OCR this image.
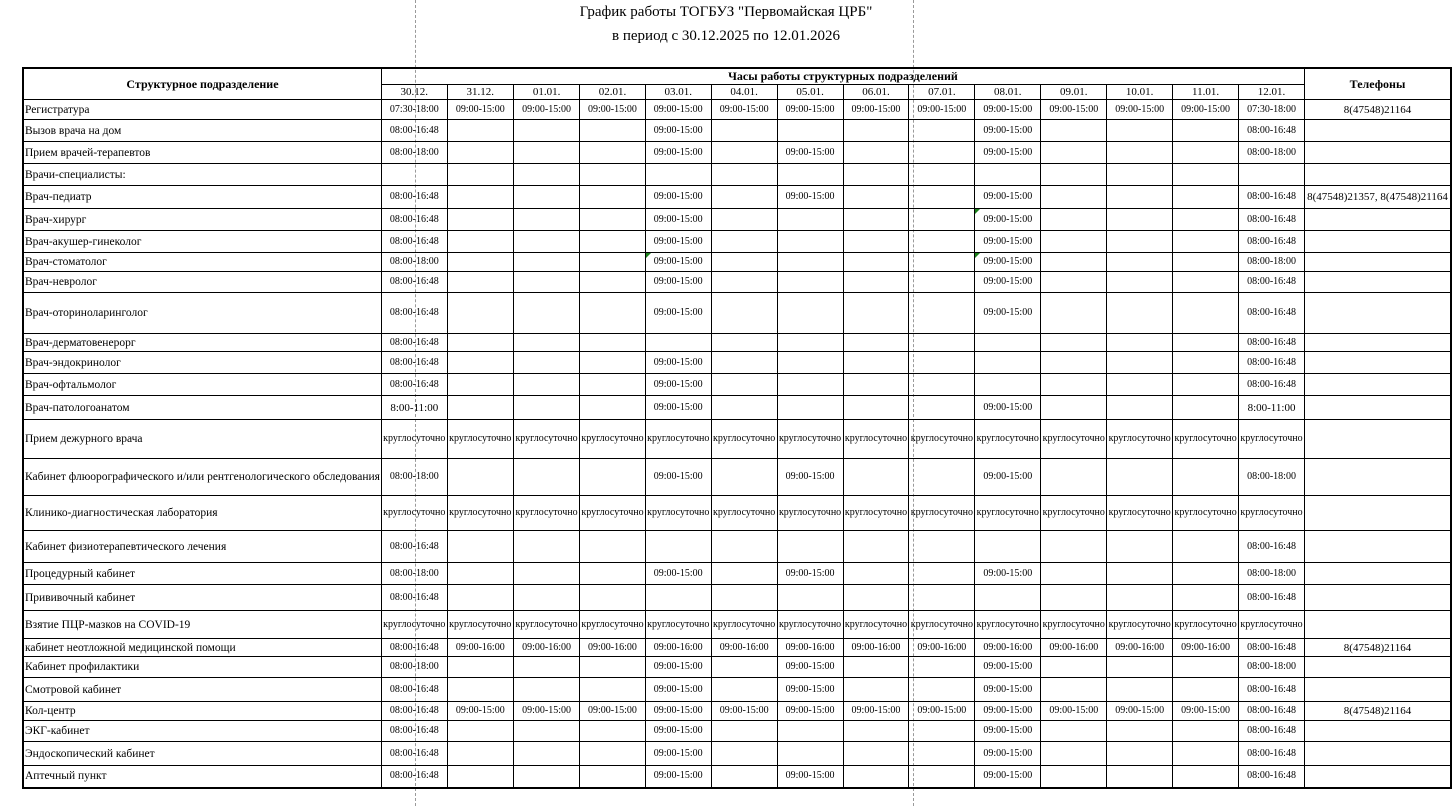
График работы ТОГБУЗ "Первомайская ЦРБ"
в период с 30.12.2025 по 12.01.2026
Структурное подразделение	Часы работы структурных подразделений														Телефоны
	30.12.	31.12.	01.01.	02.01.	03.01.	04.01.	05.01.	06.01.	07.01.	08.01.	09.01.	10.01.	11.01.	12.01.	
Регистратура	07:30-18:00	09:00-15:00	09:00-15:00	09:00-15:00	09:00-15:00	09:00-15:00	09:00-15:00	09:00-15:00	09:00-15:00	09:00-15:00	09:00-15:00	09:00-15:00	09:00-15:00	07:30-18:00	8(47548)21164
Вызов врача на дом	08:00-16:48				09:00-15:00					09:00-15:00				08:00-16:48	
Прием врачей-терапевтов	08:00-18:00				09:00-15:00		09:00-15:00			09:00-15:00				08:00-18:00	
Врачи-специалисты:															
Врач-педиатр	08:00-16:48				09:00-15:00		09:00-15:00			09:00-15:00				08:00-16:48	8(47548)21357, 8(47548)21164
Врач-хирург	08:00-16:48				09:00-15:00					09:00-15:00				08:00-16:48	
Врач-акушер-гинеколог	08:00-16:48				09:00-15:00					09:00-15:00				08:00-16:48	
Врач-стоматолог	08:00-18:00				09:00-15:00					09:00-15:00				08:00-18:00	
Врач-невролог	08:00-16:48				09:00-15:00					09:00-15:00				08:00-16:48	
Врач-оториноларинголог	08:00-16:48				09:00-15:00					09:00-15:00				08:00-16:48	
Врач-дерматовенерорг	08:00-16:48													08:00-16:48	
Врач-эндокринолог	08:00-16:48				09:00-15:00									08:00-16:48	
Врач-офтальмолог	08:00-16:48				09:00-15:00									08:00-16:48	
Врач-патологоанатом	8:00-11:00				09:00-15:00					09:00-15:00				8:00-11:00	
Прием дежурного врача	круглосуточно	круглосуточно	круглосуточно	круглосуточно	круглосуточно	круглосуточно	круглосуточно	круглосуточно	круглосуточно	круглосуточно	круглосуточно	круглосуточно	круглосуточно	круглосуточно	
Кабинет флюорографического и/или рентгенологического обследования	08:00-18:00				09:00-15:00		09:00-15:00			09:00-15:00				08:00-18:00	
Клинико-диагностическая лаборатория	круглосуточно	круглосуточно	круглосуточно	круглосуточно	круглосуточно	круглосуточно	круглосуточно	круглосуточно	круглосуточно	круглосуточно	круглосуточно	круглосуточно	круглосуточно	круглосуточно	
Кабинет физиотерапевтического лечения	08:00-16:48													08:00-16:48	
Процедурный кабинет	08:00-18:00				09:00-15:00		09:00-15:00			09:00-15:00				08:00-18:00	
Прививочный кабинет	08:00-16:48													08:00-16:48	
Взятие ПЦР-мазков на COVID-19	круглосуточно	круглосуточно	круглосуточно	круглосуточно	круглосуточно	круглосуточно	круглосуточно	круглосуточно	круглосуточно	круглосуточно	круглосуточно	круглосуточно	круглосуточно	круглосуточно	
кабинет неотложной медицинской помощи	08:00-16:48	09:00-16:00	09:00-16:00	09:00-16:00	09:00-16:00	09:00-16:00	09:00-16:00	09:00-16:00	09:00-16:00	09:00-16:00	09:00-16:00	09:00-16:00	09:00-16:00	08:00-16:48	8(47548)21164
Кабинет профилактики	08:00-18:00				09:00-15:00		09:00-15:00			09:00-15:00				08:00-18:00	
Смотровой кабинет	08:00-16:48				09:00-15:00		09:00-15:00			09:00-15:00				08:00-16:48	
Кол-центр	08:00-16:48	09:00-15:00	09:00-15:00	09:00-15:00	09:00-15:00	09:00-15:00	09:00-15:00	09:00-15:00	09:00-15:00	09:00-15:00	09:00-15:00	09:00-15:00	09:00-15:00	08:00-16:48	8(47548)21164
ЭКГ-кабинет	08:00-16:48				09:00-15:00					09:00-15:00				08:00-16:48	
Эндоскопический кабинет	08:00-16:48				09:00-15:00					09:00-15:00				08:00-16:48	
Аптечный пункт	08:00-16:48				09:00-15:00		09:00-15:00			09:00-15:00				08:00-16:48	
